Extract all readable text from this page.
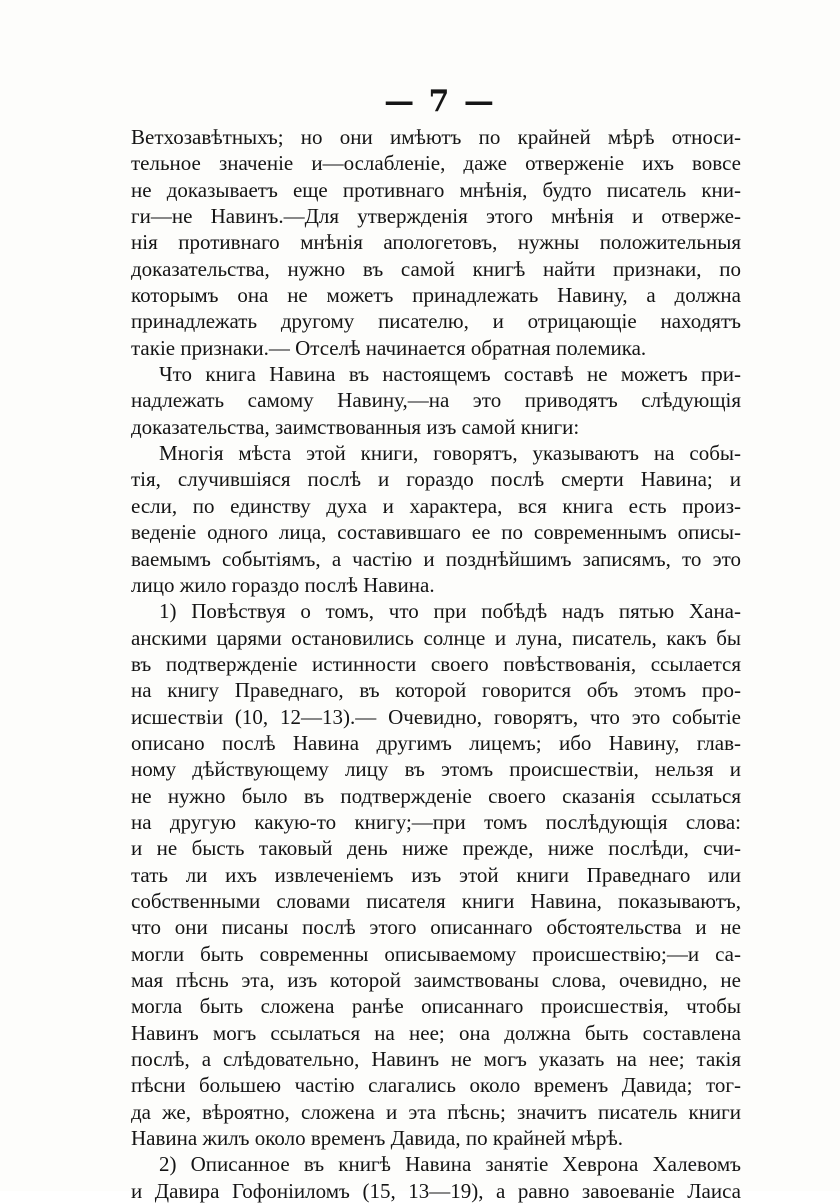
— 7 —
Ветхозавѣтныхъ; но они имѣютъ по крайней мѣрѣ относи-
тельное значеніе и—ослабленіе, даже отверженіе ихъ вовсе
не доказываетъ еще противнаго мнѣнія, будто писатель кни-
ги—не Навинъ.—Для утвержденія этого мнѣнія и отверже-
нія противнаго мнѣнія апологетовъ, нужны положительныя
доказательства, нужно въ самой книгѣ найти признаки, по
которымъ она не можетъ принадлежать Навину, а должна
принадлежать другому писателю, и отрицающіе находятъ
такіе признаки.— Отселѣ начинается обратная полемика.
Что книга Навина въ настоящемъ составѣ не можетъ при-
надлежать самому Навину,—на это приводятъ слѣдующія
доказательства, заимствованныя изъ самой книги:
Многія мѣста этой книги, говорятъ, указываютъ на собы-
тія, случившіяся послѣ и гораздо послѣ смерти Навина; и
если, по единству духа и характера, вся книга есть произ-
веденіе одного лица, составившаго ее по современнымъ описы-
ваемымъ событіямъ, а частію и позднѣйшимъ записямъ, то это
лицо жило гораздо послѣ Навина.
1) Повѣствуя о томъ, что при побѣдѣ надъ пятью Хана-
анскими царями остановились солнце и луна, писатель, какъ бы
въ подтвержденіе истинности своего повѣствованія, ссылается
на книгу Праведнаго, въ которой говорится объ этомъ про-
исшествіи (10, 12—13).— Очевидно, говорятъ, что это событіе
описано послѣ Навина другимъ лицемъ; ибо Навину, глав-
ному дѣйствующему лицу въ этомъ происшествіи, нельзя и
не нужно было въ подтвержденіе своего сказанія ссылаться
на другую какую-то книгу;—при томъ послѣдующія слова:
и не бысть таковый день ниже прежде, ниже послѣди, счи-
тать ли ихъ извлеченіемъ изъ этой книги Праведнаго или
собственными словами писателя книги Навина, показываютъ,
что они писаны послѣ этого описаннаго обстоятельства и не
могли быть современны описываемому происшествію;—и са-
мая пѣснь эта, изъ которой заимствованы слова, очевидно, не
могла быть сложена ранѣе описаннаго происшествія, чтобы
Навинъ могъ ссылаться на нее; она должна быть составлена
послѣ, а слѣдовательно, Навинъ не могъ указать на нее; такія
пѣсни большею частію слагались около временъ Давида; тог-
да же, вѣроятно, сложена и эта пѣснь; значитъ писатель книги
Навина жилъ около временъ Давида, по крайней мѣрѣ.
2) Описанное въ книгѣ Навина занятіе Хеврона Халевомъ
и Давира Гофоніиломъ (15, 13—19), а равно завоеваніе Лаиса
